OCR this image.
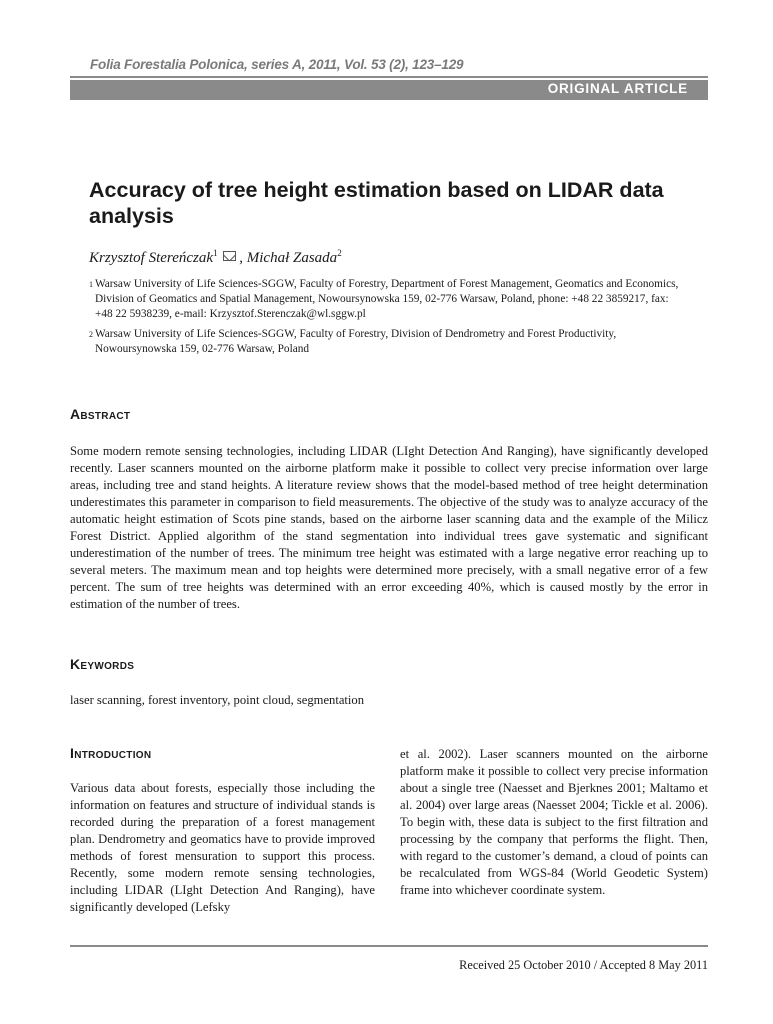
Folia Forestalia Polonica, series A, 2011, Vol. 53 (2), 123–129
ORIGINAL ARTICLE
Accuracy of tree height estimation based on LIDAR data analysis
Krzysztof Stereńczak$^1$ , Michał Zasada$^2$
1 Warsaw University of Life Sciences-SGGW, Faculty of Forestry, Department of Forest Management, Geomatics and Economics, Division of Geomatics and Spatial Management, Nowoursynowska 159, 02-776 Warsaw, Poland, phone: +48 22 3859217, fax: +48 22 5938239, e-mail: Krzysztof.Sterenczak@wl.sggw.pl
2 Warsaw University of Life Sciences-SGGW, Faculty of Forestry, Division of Dendrometry and Forest Productivity, Nowoursynowska 159, 02-776 Warsaw, Poland
Abstract

Some modern remote sensing technologies, including LIDAR (LIght Detection And Ranging), have significantly developed recently. Laser scanners mounted on the airborne platform make it possible to collect very precise information over large areas, including tree and stand heights. A literature review shows that the model-based method of tree height determination underestimates this parameter in comparison to field measurements. The objective of the study was to analyze accuracy of the automatic height estimation of Scots pine stands, based on the airborne laser scanning data and the example of the Milicz Forest District. Applied algorithm of the stand segmentation into individual trees gave systematic and significant underestimation of the number of trees. The minimum tree height was estimated with a large negative error reaching up to several meters. The maximum mean and top heights were determined more precisely, with a small negative error of a few percent. The sum of tree heights was determined with an error exceeding 40%, which is caused mostly by the error in estimation of the number of trees.

Keywords

laser scanning, forest inventory, point cloud, segmentation

Introduction

Various data about forests, especially those including the information on features and structure of individual stands is recorded during the preparation of a forest management plan. Dendrometry and geomatics have to provide improved methods of forest mensuration to support this process. Recently, some modern remote sensing technologies, including LIDAR (LIght Detection And Ranging), have significantly developed (Lefsky

et al. 2002). Laser scanners mounted on the airborne platform make it possible to collect very precise information about a single tree (Naesset and Bjerknes 2001; Maltamo et al. 2004) over large areas (Naesset 2004; Tickle et al. 2006). To begin with, these data is subject to the first filtration and processing by the company that performs the flight. Then, with regard to the customer’s demand, a cloud of points can be recalculated from WGS-84 (World Geodetic System) frame into whichever coordinate system.

Received 25 October 2010 / Accepted 8 May 2011
